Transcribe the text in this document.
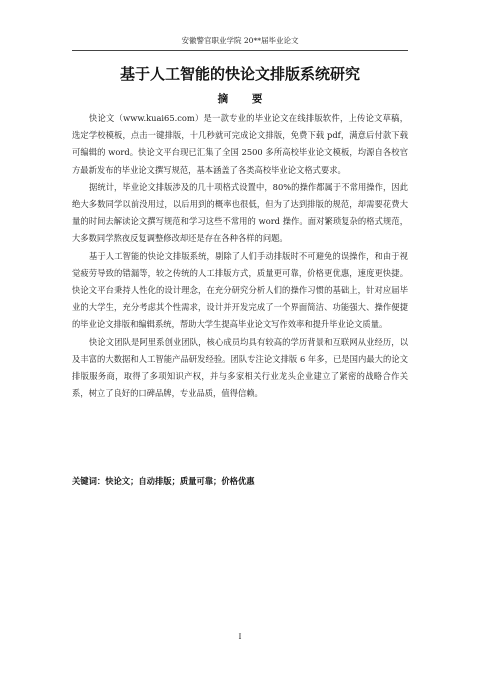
安徽警官职业学院 20**届毕业论文
基于人工智能的快论文排版系统研究
摘 要

快论文（www.kuai65.com）是一款专业的毕业论文在线排版软件，上传论文草稿，选定学校模板，点击一键排版，十几秒就可完成论文排版，免费下载 pdf，满意后付款下载可编辑的 word。快论文平台现已汇集了全国 2500 多所高校毕业论文模板，均源自各校官方最新发布的毕业论文撰写规范，基本涵盖了各类高校毕业论文格式要求。

据统计，毕业论文排版涉及的几十项格式设置中，80%的操作都属于不常用操作，因此绝大多数同学以前没用过，以后用到的概率也很低，但为了达到排版的规范，却需要花费大量的时间去解读论文撰写规范和学习这些不常用的 word 操作。面对繁琐复杂的格式规范，大多数同学熬夜反复调整修改却还是存在各种各样的问题。

基于人工智能的快论文排版系统，剔除了人们手动排版时不可避免的误操作，和由于视觉疲劳导致的错漏等，较之传统的人工排版方式，质量更可靠，价格更优惠，速度更快捷。快论文平台秉持人性化的设计理念，在充分研究分析人们的操作习惯的基础上，针对应届毕业的大学生，充分考虑其个性需求，设计并开发完成了一个界面简洁、功能强大、操作便捷的毕业论文排版和编辑系统，帮助大学生提高毕业论文写作效率和提升毕业论文质量。

快论文团队是阿里系创业团队，核心成员均具有较高的学历背景和互联网从业经历，以及丰富的大数据和人工智能产品研发经验。团队专注论文排版 6 年多，已是国内最大的论文排版服务商，取得了多项知识产权，并与多家相关行业龙头企业建立了紧密的战略合作关系，树立了良好的口碑品牌，专业品质，值得信赖。

关键词：快论文；自动排版；质量可靠；价格优惠
I
